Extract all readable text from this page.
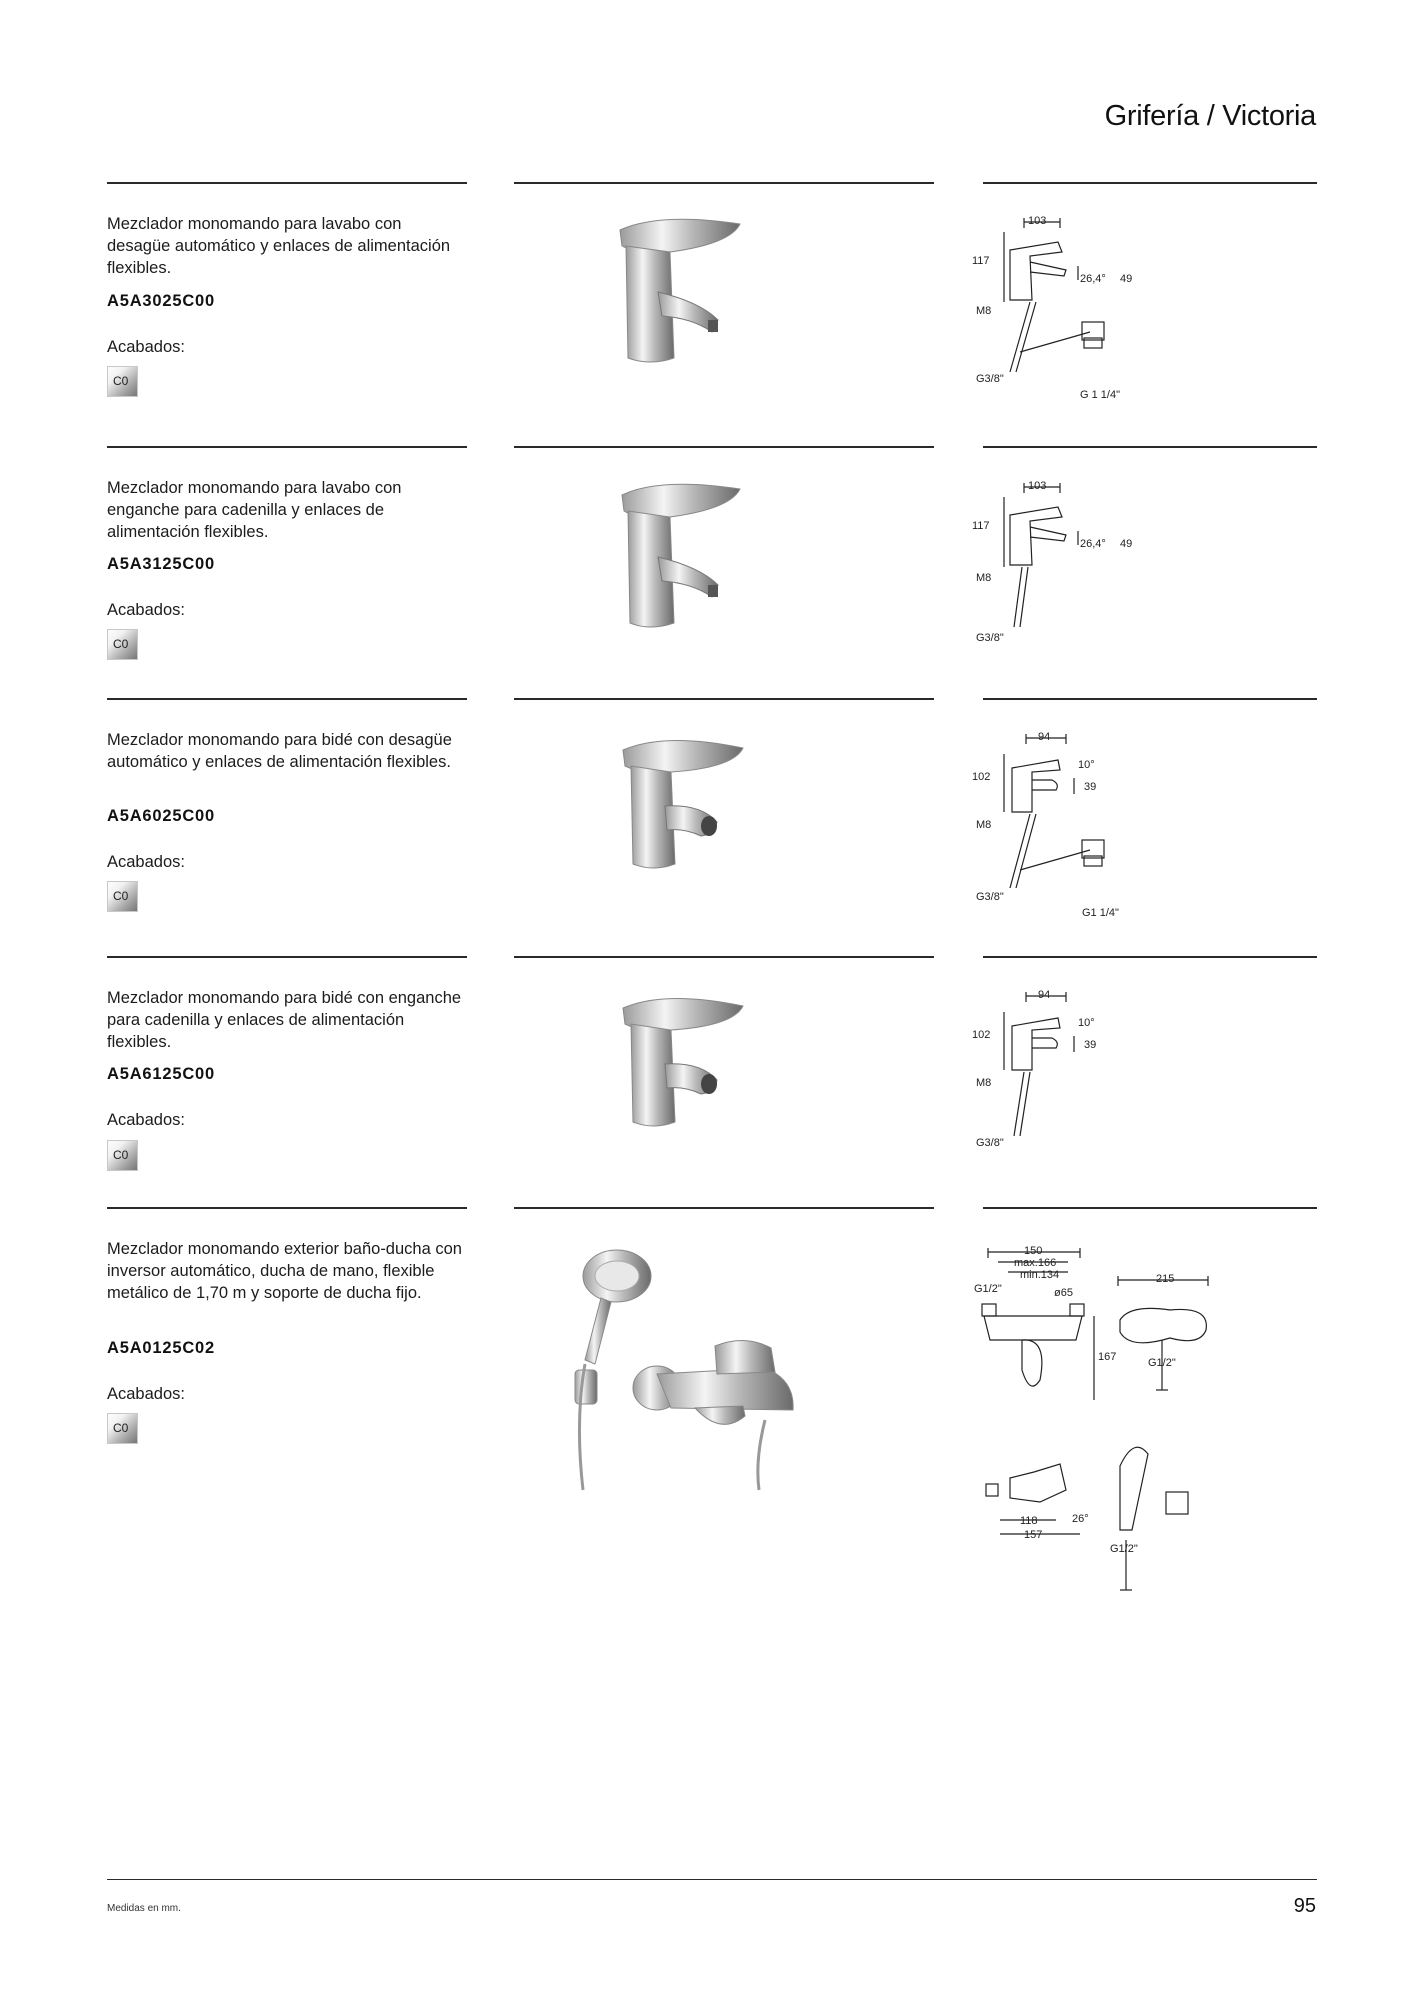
Grifería / Victoria
Mezclador monomando para lavabo con desagüe automático y enlaces de alimentación flexibles.
A5A3025C00
Acabados:
C0
103
117
26,4° 49
M8
G3/8"
G 1 1/4"
Mezclador monomando para lavabo con enganche para cadenilla y enlaces de alimentación flexibles.
A5A3125C00
Acabados:
C0
103
117
26,4° 49
M8
G3/8"
Mezclador monomando para bidé con desagüe automático y enlaces de alimentación flexibles.
A5A6025C00
Acabados:
C0
94
102
10°
39
M8
G3/8"
G1 1/4"
Mezclador monomando para bidé con enganche para cadenilla y enlaces de alimentación flexibles.
A5A6125C00
Acabados:
C0
94
102
10°
39
M8
G3/8"
Mezclador monomando exterior baño-ducha con inversor automático, ducha de mano, flexible metálico de 1,70 m y soporte de ducha fijo.
A5A0125C02
Acabados:
C0
150
max.166
min.134
G1/2"	ø65
167
215
G1/2"
118
157
26°
G1/2"
Medidas en mm.	95
